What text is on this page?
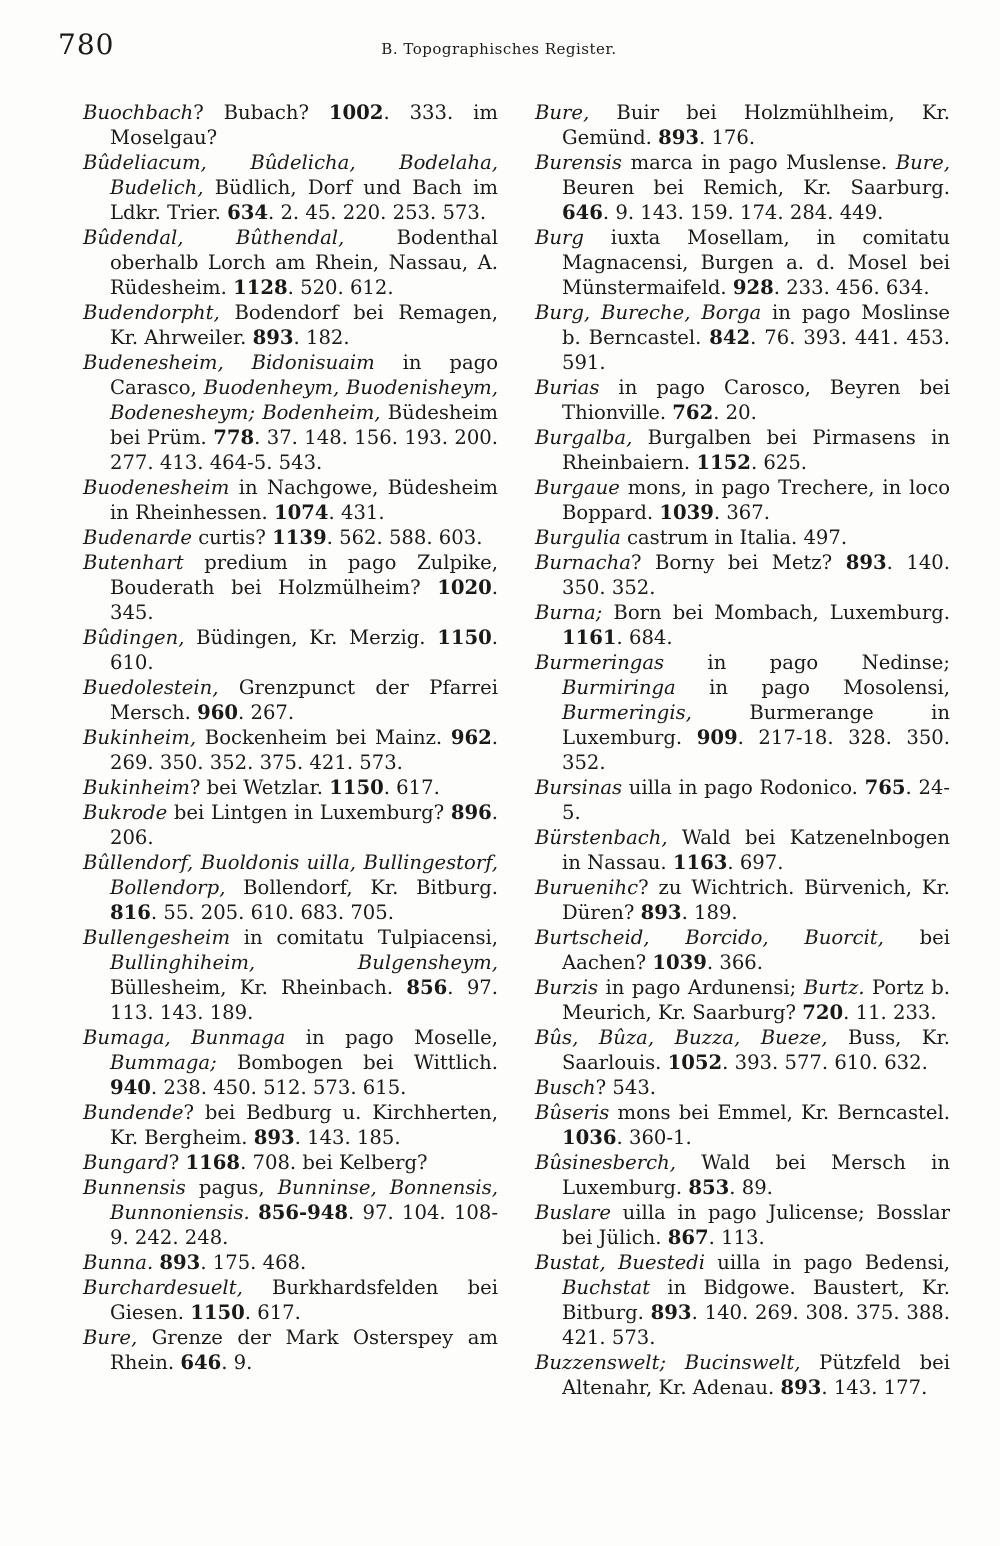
780	B. Topographisches Register.
Buochbach? Bubach? 1002. 333. im Moselgau?
Bûdeliacum, Bûdelicha, Bodelaha, Budelich, Büdlich, Dorf und Bach im Ldkr. Trier. 634. 2. 45. 220. 253. 573.
Bûdendal, Bûthendal, Bodenthal oberhalb Lorch am Rhein, Nassau, A. Rüdesheim. 1128. 520. 612.
Budendorpht, Bodendorf bei Remagen, Kr. Ahrweiler. 893. 182.
Budenesheim, Bidonisuaim in pago Carasco, Buodenheym, Buodenisheym, Bodenesheym; Bodenheim, Büdesheim bei Prüm. 778. 37. 148. 156. 193. 200. 277. 413. 464-5. 543.
Buodenesheim in Nachgowe, Büdesheim in Rheinhessen. 1074. 431.
Budenarde curtis? 1139. 562. 588. 603.
Butenhart predium in pago Zulpike, Bouderath bei Holzmülheim? 1020. 345.
Bûdingen, Büdingen, Kr. Merzig. 1150. 610.
Buedolestein, Grenzpunct der Pfarrei Mersch. 960. 267.
Bukinheim, Bockenheim bei Mainz. 962. 269. 350. 352. 375. 421. 573.
Bukinheim? bei Wetzlar. 1150. 617.
Bukrode bei Lintgen in Luxemburg? 896. 206.
Bûllendorf, Buoldonis uilla, Bullingestorf, Bollendorp, Bollendorf, Kr. Bitburg. 816. 55. 205. 610. 683. 705.
Bullengesheim in comitatu Tulpiacensi, Bullinghiheim, Bulgensheym, Büllesheim, Kr. Rheinbach. 856. 97. 113. 143. 189.
Bumaga, Bunmaga in pago Moselle, Bummaga; Bombogen bei Wittlich. 940. 238. 450. 512. 573. 615.
Bundende? bei Bedburg u. Kirchherten, Kr. Bergheim. 893. 143. 185.
Bungard? 1168. 708. bei Kelberg?
Bunnensis pagus, Bunninse, Bonnensis, Bunnoniensis. 856-948. 97. 104. 108-9. 242. 248.
Bunna. 893. 175. 468.
Burchardesuelt, Burkhardsfelden bei Giesen. 1150. 617.
Bure, Grenze der Mark Osterspey am Rhein. 646. 9.
Bure, Buir bei Holzmühlheim, Kr. Gemünd. 893. 176.
Burensis marca in pago Muslense. Bure, Beuren bei Remich, Kr. Saarburg. 646. 9. 143. 159. 174. 284. 449.
Burg iuxta Mosellam, in comitatu Magnacensi, Burgen a. d. Mosel bei Münstermaifeld. 928. 233. 456. 634.
Burg, Bureche, Borga in pago Moslinse b. Berncastel. 842. 76. 393. 441. 453. 591.
Burias in pago Carosco, Beyren bei Thionville. 762. 20.
Burgalba, Burgalben bei Pirmasens in Rheinbaiern. 1152. 625.
Burgaue mons, in pago Trechere, in loco Boppard. 1039. 367.
Burgulia castrum in Italia. 497.
Burnacha? Borny bei Metz? 893. 140. 350. 352.
Burna; Born bei Mombach, Luxemburg. 1161. 684.
Burmeringas in pago Nedinse; Burmiringa in pago Mosolensi, Burmeringis, Burmerange in Luxemburg. 909. 217-18. 328. 350. 352.
Bursinas uilla in pago Rodonico. 765. 24-5.
Bürstenbach, Wald bei Katzenelnbogen in Nassau. 1163. 697.
Buruenihc? zu Wichtrich. Bürvenich, Kr. Düren? 893. 189.
Burtscheid, Borcido, Buorcit, bei Aachen? 1039. 366.
Burzis in pago Ardunensi; Burtz. Portz b. Meurich, Kr. Saarburg? 720. 11. 233.
Bûs, Bûza, Buzza, Bueze, Buss, Kr. Saarlouis. 1052. 393. 577. 610. 632.
Busch? 543.
Bûseris mons bei Emmel, Kr. Berncastel. 1036. 360-1.
Bûsinesberch, Wald bei Mersch in Luxemburg. 853. 89.
Buslare uilla in pago Julicense; Bosslar bei Jülich. 867. 113.
Bustat, Buestedi uilla in pago Bedensi, Buchstat in Bidgowe. Baustert, Kr. Bitburg. 893. 140. 269. 308. 375. 388. 421. 573.
Buzzenswelt; Bucinswelt, Pützfeld bei Altenahr, Kr. Adenau. 893. 143. 177.
